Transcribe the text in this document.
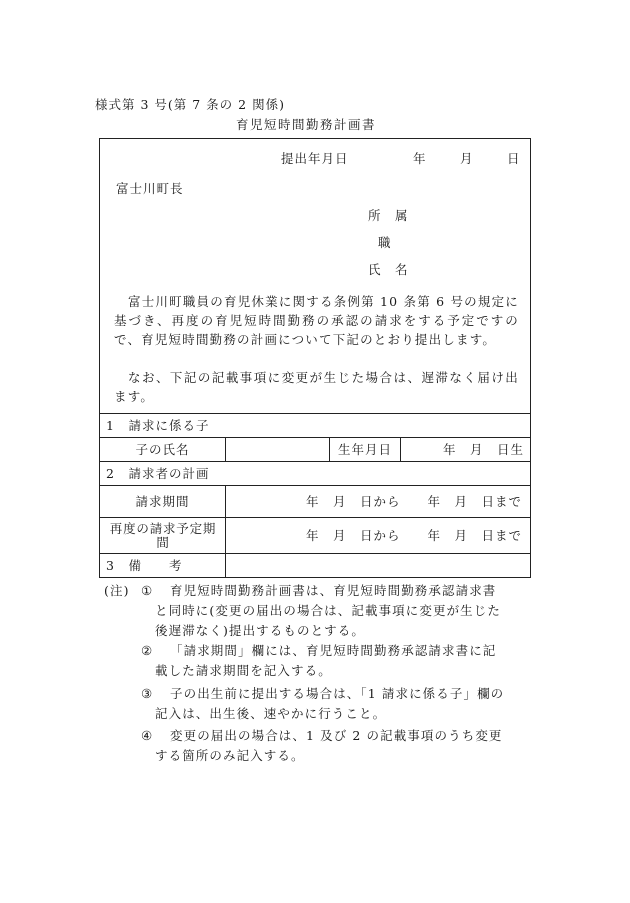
様式第 3 号(第 7 条の 2 関係)
育児短時間勤務計画書
提出年月日	年	月	日
富士川町長
所　属
職
氏　名

富士川町職員の育児休業に関する条例第 10 条第 6 号の規定に基づき、再度の育児短時間勤務の承認の請求をする予定ですので、育児短時間勤務の計画について下記のとおり提出します。

なお、下記の記載事項に変更が生じた場合は、遅滞なく届け出ます。

1　請求に係る子
子の氏名	生年月日	年　月　日生
2　請求者の計画
請求期間	年　月　日から　　年　月　日まで
再度の請求予定期間	年　月　日から　　年　月　日まで
3　備　　考
(注) ① 育児短時間勤務計画書は、育児短時間勤務承認請求書
と同時に(変更の届出の場合は、記載事項に変更が生じた
後遅滞なく)提出するものとする。
② 「請求期間」欄には、育児短時間勤務承認請求書に記
載した請求期間を記入する。
③ 子の出生前に提出する場合は、「1 請求に係る子」欄の
記入は、出生後、速やかに行うこと。
④ 変更の届出の場合は、1 及び 2 の記載事項のうち変更
する箇所のみ記入する。
